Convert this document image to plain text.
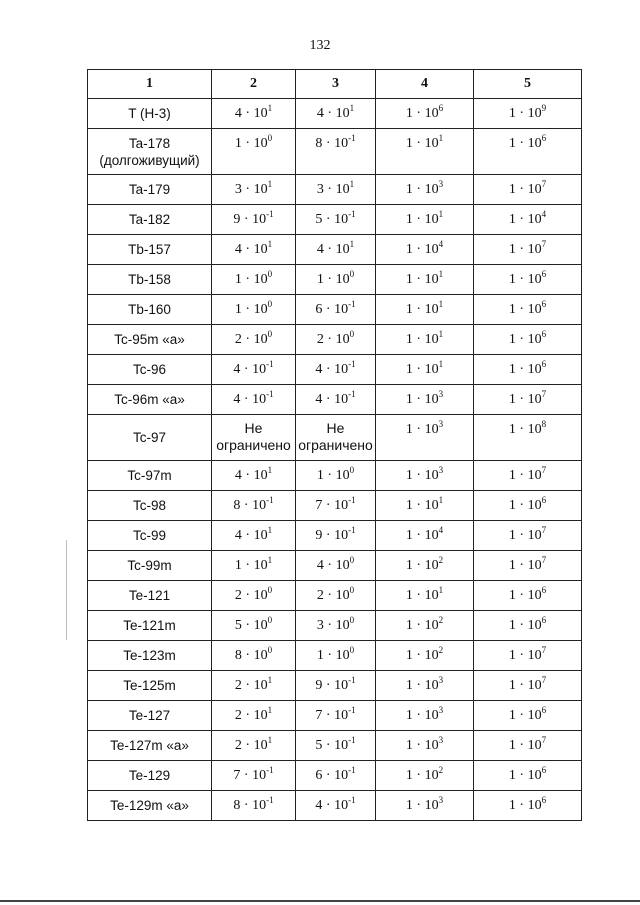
132
1	2	3	4	5
T (H-3)	$4 \cdot 10^1$	$4 \cdot 10^1$	$1 \cdot 10^6$	$1 \cdot 10^9$
Ta-178 (долгоживущий)	$1 \cdot 10^0$	$8 \cdot 10^{-1}$	$1 \cdot 10^1$	$1 \cdot 10^6$
Ta-179	$3 \cdot 10^1$	$3 \cdot 10^1$	$1 \cdot 10^3$	$1 \cdot 10^7$
Ta-182	$9 \cdot 10^{-1}$	$5 \cdot 10^{-1}$	$1 \cdot 10^1$	$1 \cdot 10^4$
Tb-157	$4 \cdot 10^1$	$4 \cdot 10^1$	$1 \cdot 10^4$	$1 \cdot 10^7$
Tb-158	$1 \cdot 10^0$	$1 \cdot 10^0$	$1 \cdot 10^1$	$1 \cdot 10^6$
Tb-160	$1 \cdot 10^0$	$6 \cdot 10^{-1}$	$1 \cdot 10^1$	$1 \cdot 10^6$
Tc-95m «a»	$2 \cdot 10^0$	$2 \cdot 10^0$	$1 \cdot 10^1$	$1 \cdot 10^6$
Tc-96	$4 \cdot 10^{-1}$	$4 \cdot 10^{-1}$	$1 \cdot 10^1$	$1 \cdot 10^6$
Tc-96m «a»	$4 \cdot 10^{-1}$	$4 \cdot 10^{-1}$	$1 \cdot 10^3$	$1 \cdot 10^7$
Tc-97	Не ограничено	Не ограничено	$1 \cdot 10^3$	$1 \cdot 10^8$
Tc-97m	$4 \cdot 10^1$	$1 \cdot 10^0$	$1 \cdot 10^3$	$1 \cdot 10^7$
Tc-98	$8 \cdot 10^{-1}$	$7 \cdot 10^{-1}$	$1 \cdot 10^1$	$1 \cdot 10^6$
Tc-99	$4 \cdot 10^1$	$9 \cdot 10^{-1}$	$1 \cdot 10^4$	$1 \cdot 10^7$
Tc-99m	$1 \cdot 10^1$	$4 \cdot 10^0$	$1 \cdot 10^2$	$1 \cdot 10^7$
Te-121	$2 \cdot 10^0$	$2 \cdot 10^0$	$1 \cdot 10^1$	$1 \cdot 10^6$
Te-121m	$5 \cdot 10^0$	$3 \cdot 10^0$	$1 \cdot 10^2$	$1 \cdot 10^6$
Te-123m	$8 \cdot 10^0$	$1 \cdot 10^0$	$1 \cdot 10^2$	$1 \cdot 10^7$
Te-125m	$2 \cdot 10^1$	$9 \cdot 10^{-1}$	$1 \cdot 10^3$	$1 \cdot 10^7$
Te-127	$2 \cdot 10^1$	$7 \cdot 10^{-1}$	$1 \cdot 10^3$	$1 \cdot 10^6$
Te-127m «a»	$2 \cdot 10^1$	$5 \cdot 10^{-1}$	$1 \cdot 10^3$	$1 \cdot 10^7$
Te-129	$7 \cdot 10^{-1}$	$6 \cdot 10^{-1}$	$1 \cdot 10^2$	$1 \cdot 10^6$
Te-129m «a»	$8 \cdot 10^{-1}$	$4 \cdot 10^{-1}$	$1 \cdot 10^3$	$1 \cdot 10^6$
